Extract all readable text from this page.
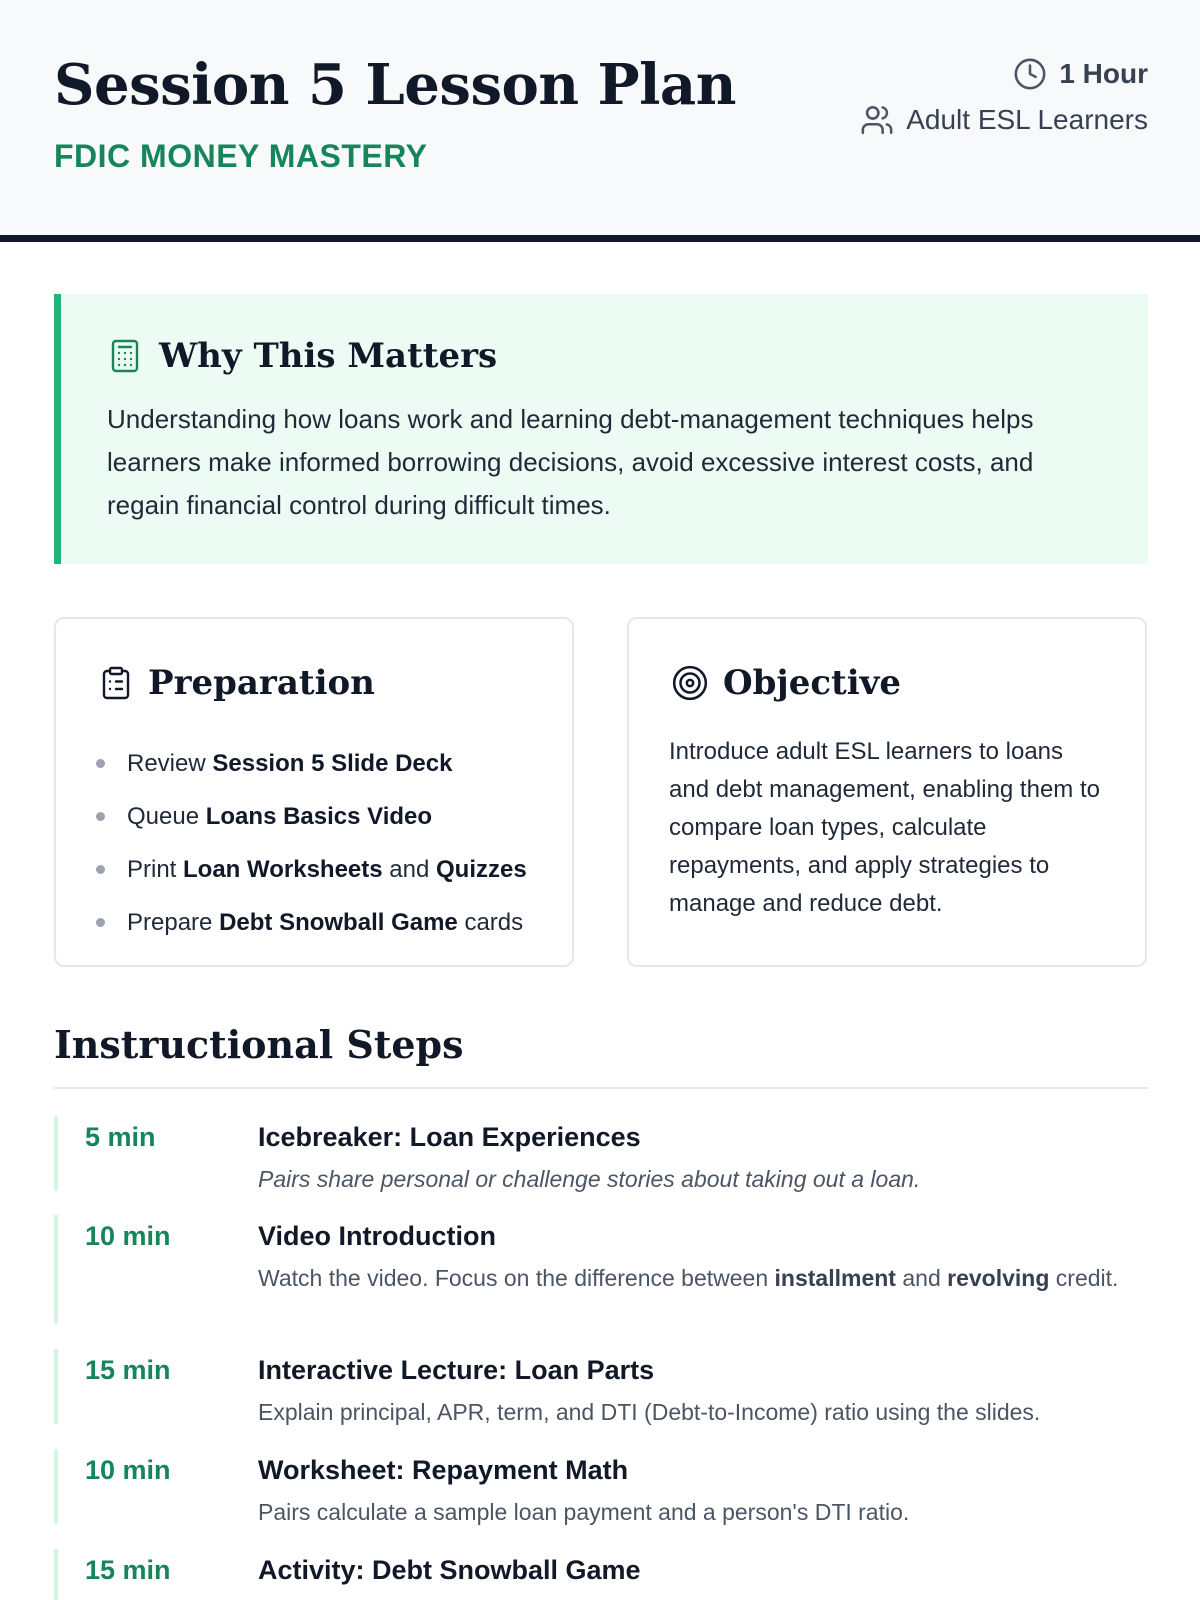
Session 5 Lesson Plan
FDIC MONEY MASTERY
1 Hour
Adult ESL Learners
Why This Matters

Understanding how loans work and learning debt-management techniques helps learners make informed borrowing decisions, avoid excessive interest costs, and regain financial control during difficult times.

Preparation
Review Session 5 Slide Deck
Queue Loans Basics Video
Print Loan Worksheets and Quizzes
Prepare Debt Snowball Game cards
Objective

Introduce adult ESL learners to loans and debt management, enabling them to compare loan types, calculate repayments, and apply strategies to manage and reduce debt.

Instructional Steps
5 min	Icebreaker: Loan Experiences
Pairs share personal or challenge stories about taking out a loan.
10 min	Video Introduction
Watch the video. Focus on the difference between installment and revolving credit.
15 min	Interactive Lecture: Loan Parts
Explain principal, APR, term, and DTI (Debt-to-Income) ratio using the slides.
10 min	Worksheet: Repayment Math
Pairs calculate a sample loan payment and a person's DTI ratio.
15 min	Activity: Debt Snowball Game
